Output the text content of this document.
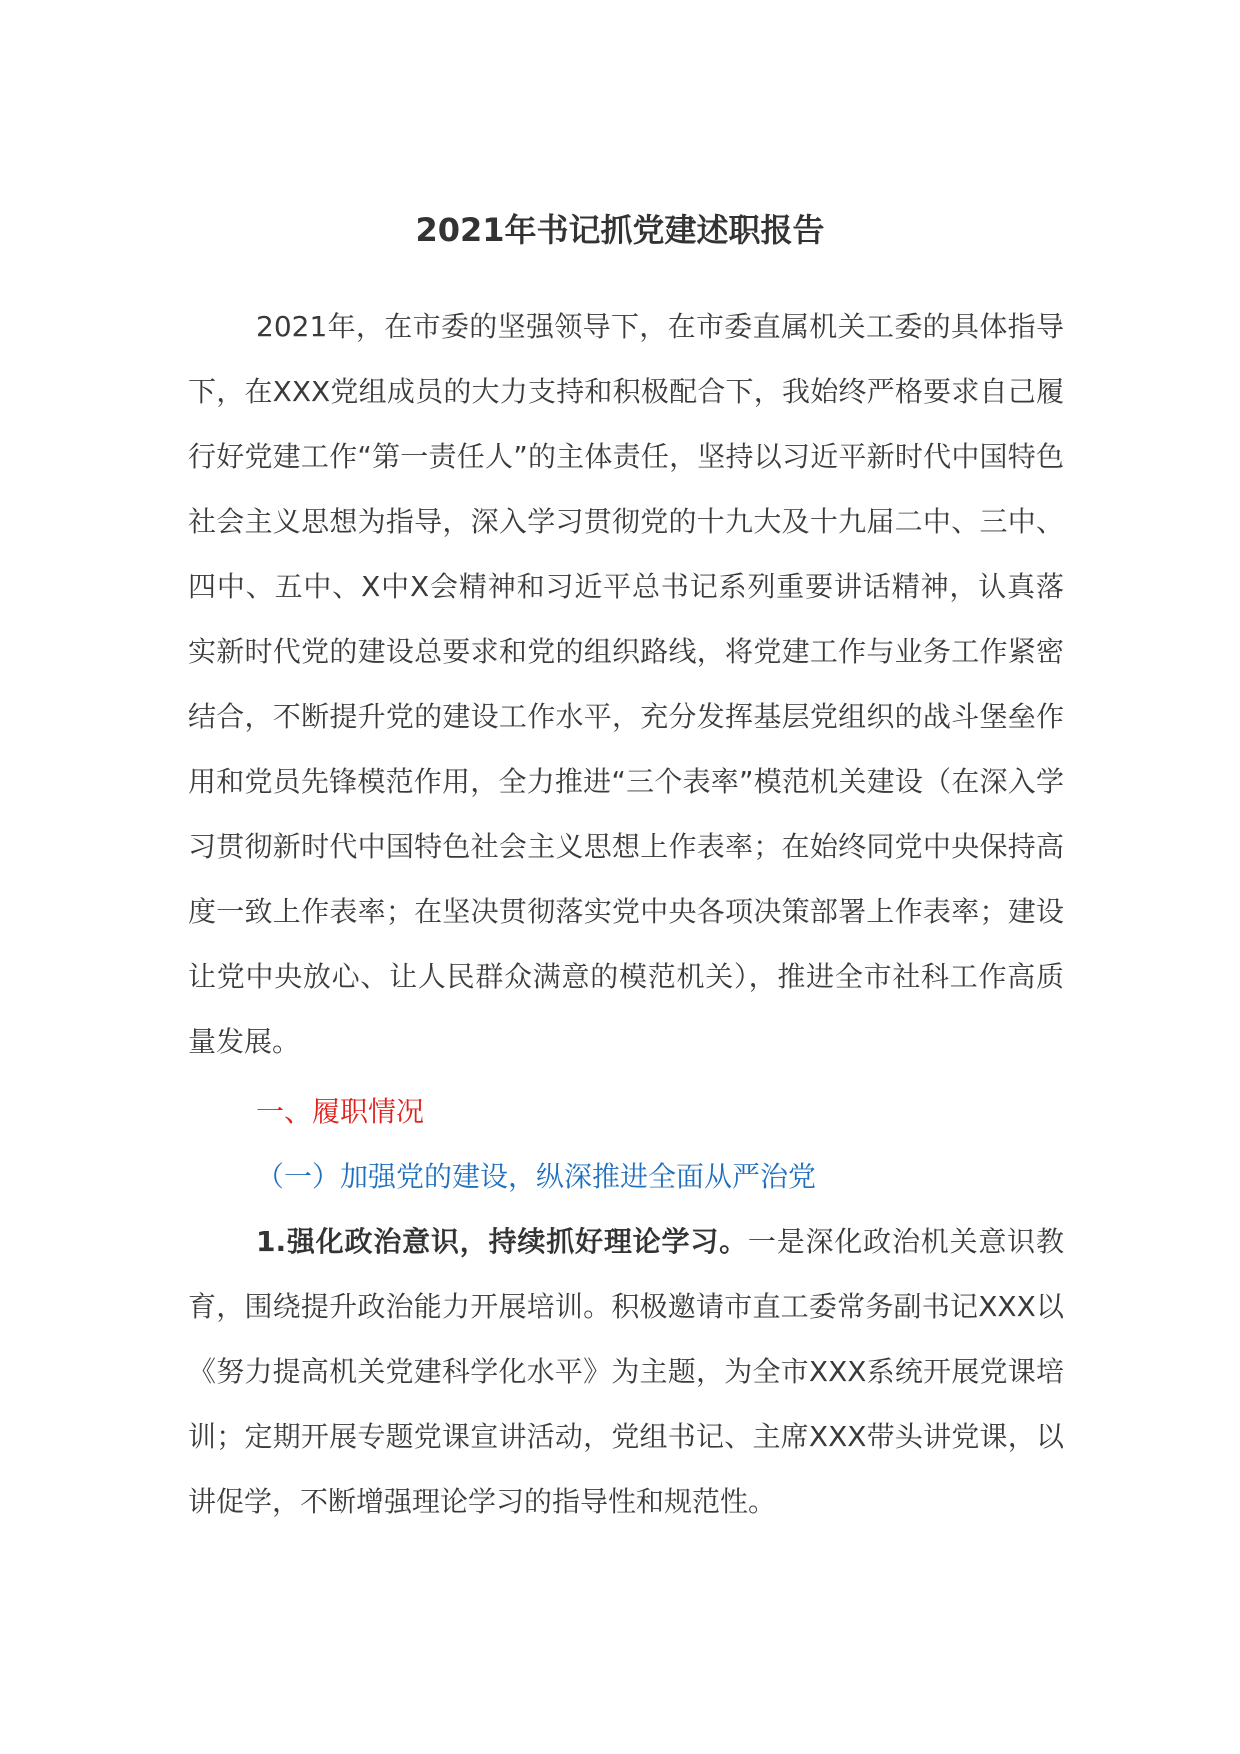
2021年书记抓党建述职报告
2021年，在市委的坚强领导下，在市委直属机关工委的具体指导下，在XXX党组成员的大力支持和积极配合下，我始终严格要求自己履行好党建工作“第一责任人”的主体责任，坚持以习近平新时代中国特色社会主义思想为指导，深入学习贯彻党的十九大及十九届二中、三中、四中、五中、X中X会精神和习近平总书记系列重要讲话精神，认真落实新时代党的建设总要求和党的组织路线，将党建工作与业务工作紧密结合，不断提升党的建设工作水平，充分发挥基层党组织的战斗堡垒作用和党员先锋模范作用，全力推进“三个表率”模范机关建设（在深入学习贯彻新时代中国特色社会主义思想上作表率；在始终同党中央保持高度一致上作表率；在坚决贯彻落实党中央各项决策部署上作表率；建设让党中央放心、让人民群众满意的模范机关），推进全市社科工作高质量发展。
一、履职情况
（一）加强党的建设，纵深推进全面从严治党
1.强化政治意识，持续抓好理论学习。一是深化政治机关意识教育，围绕提升政治能力开展培训。积极邀请市直工委常务副书记XXX以《努力提高机关党建科学化水平》为主题，为全市XXX系统开展党课培训；定期开展专题党课宣讲活动，党组书记、主席XXX带头讲党课，以讲促学，不断增强理论学习的指导性和规范性。
